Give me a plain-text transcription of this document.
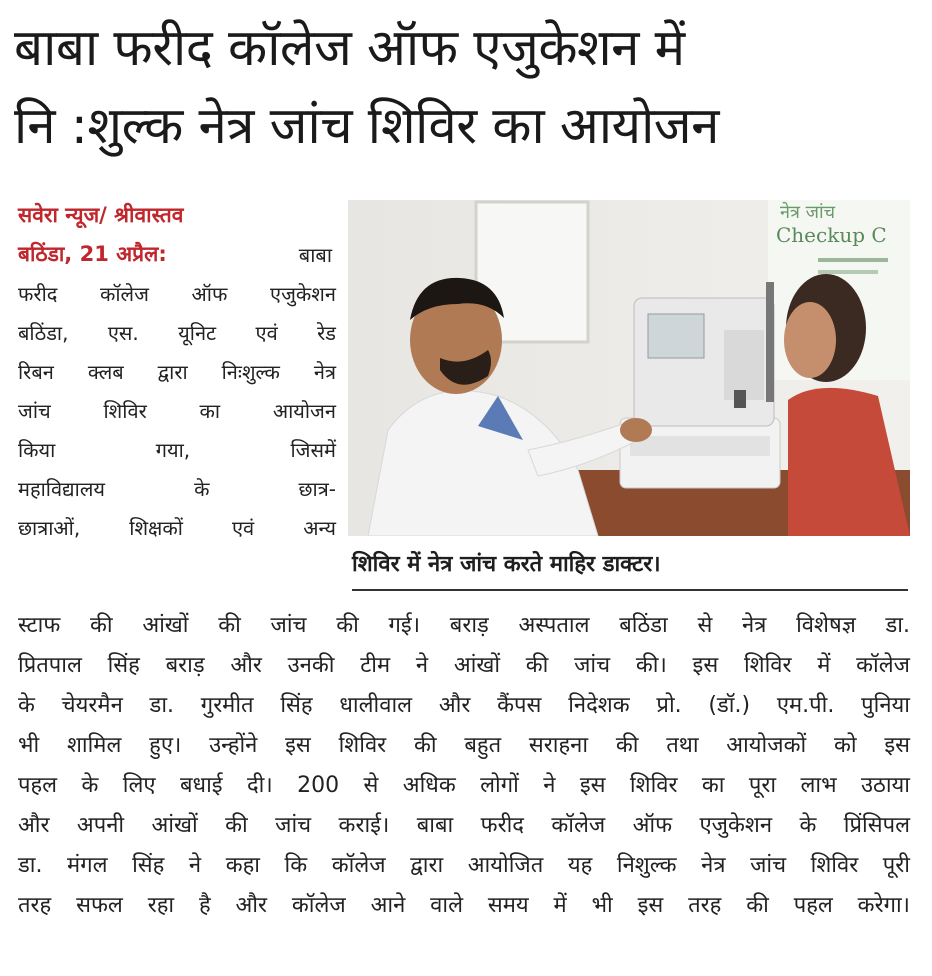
बाबा फरीद कॉलेज ऑफ एजुकेशन में
नि :शुल्क नेत्र जांच शिविर का आयोजन
सवेरा न्यूज/ श्रीवास्तव
बठिंडा, 21 अप्रैल:	बाबा
फरीद कॉलेज ऑफ एजुकेशन
बठिंडा, एस. यूनिट एवं रेड
रिबन क्लब द्वारा निःशुल्क नेत्र
जांच शिविर का आयोजन
किया गया, जिसमें
महाविद्यालय के छात्र-
छात्राओं, शिक्षकों एवं अन्य
नेत्र जांच
Checkup C
शिविर में नेत्र जांच करते माहिर डाक्टर।
स्टाफ की आंखों की जांच की गई। बराड़ अस्पताल बठिंडा से नेत्र विशेषज्ञ डा.
प्रितपाल सिंह बराड़ और उनकी टीम ने आंखों की जांच की। इस शिविर में कॉलेज
के चेयरमैन डा. गुरमीत सिंह धालीवाल और कैंपस निदेशक प्रो. (डॉ.) एम.पी. पुनिया
भी शामिल हुए। उन्होंने इस शिविर की बहुत सराहना की तथा आयोजकों को इस
पहल के लिए बधाई दी। 200 से अधिक लोगों ने इस शिविर का पूरा लाभ उठाया
और अपनी आंखों की जांच कराई। बाबा फरीद कॉलेज ऑफ एजुकेशन के प्रिंसिपल
डा. मंगल सिंह ने कहा कि कॉलेज द्वारा आयोजित यह निशुल्क नेत्र जांच शिविर पूरी
तरह सफल रहा है और कॉलेज आने वाले समय में भी इस तरह की पहल करेगा।
